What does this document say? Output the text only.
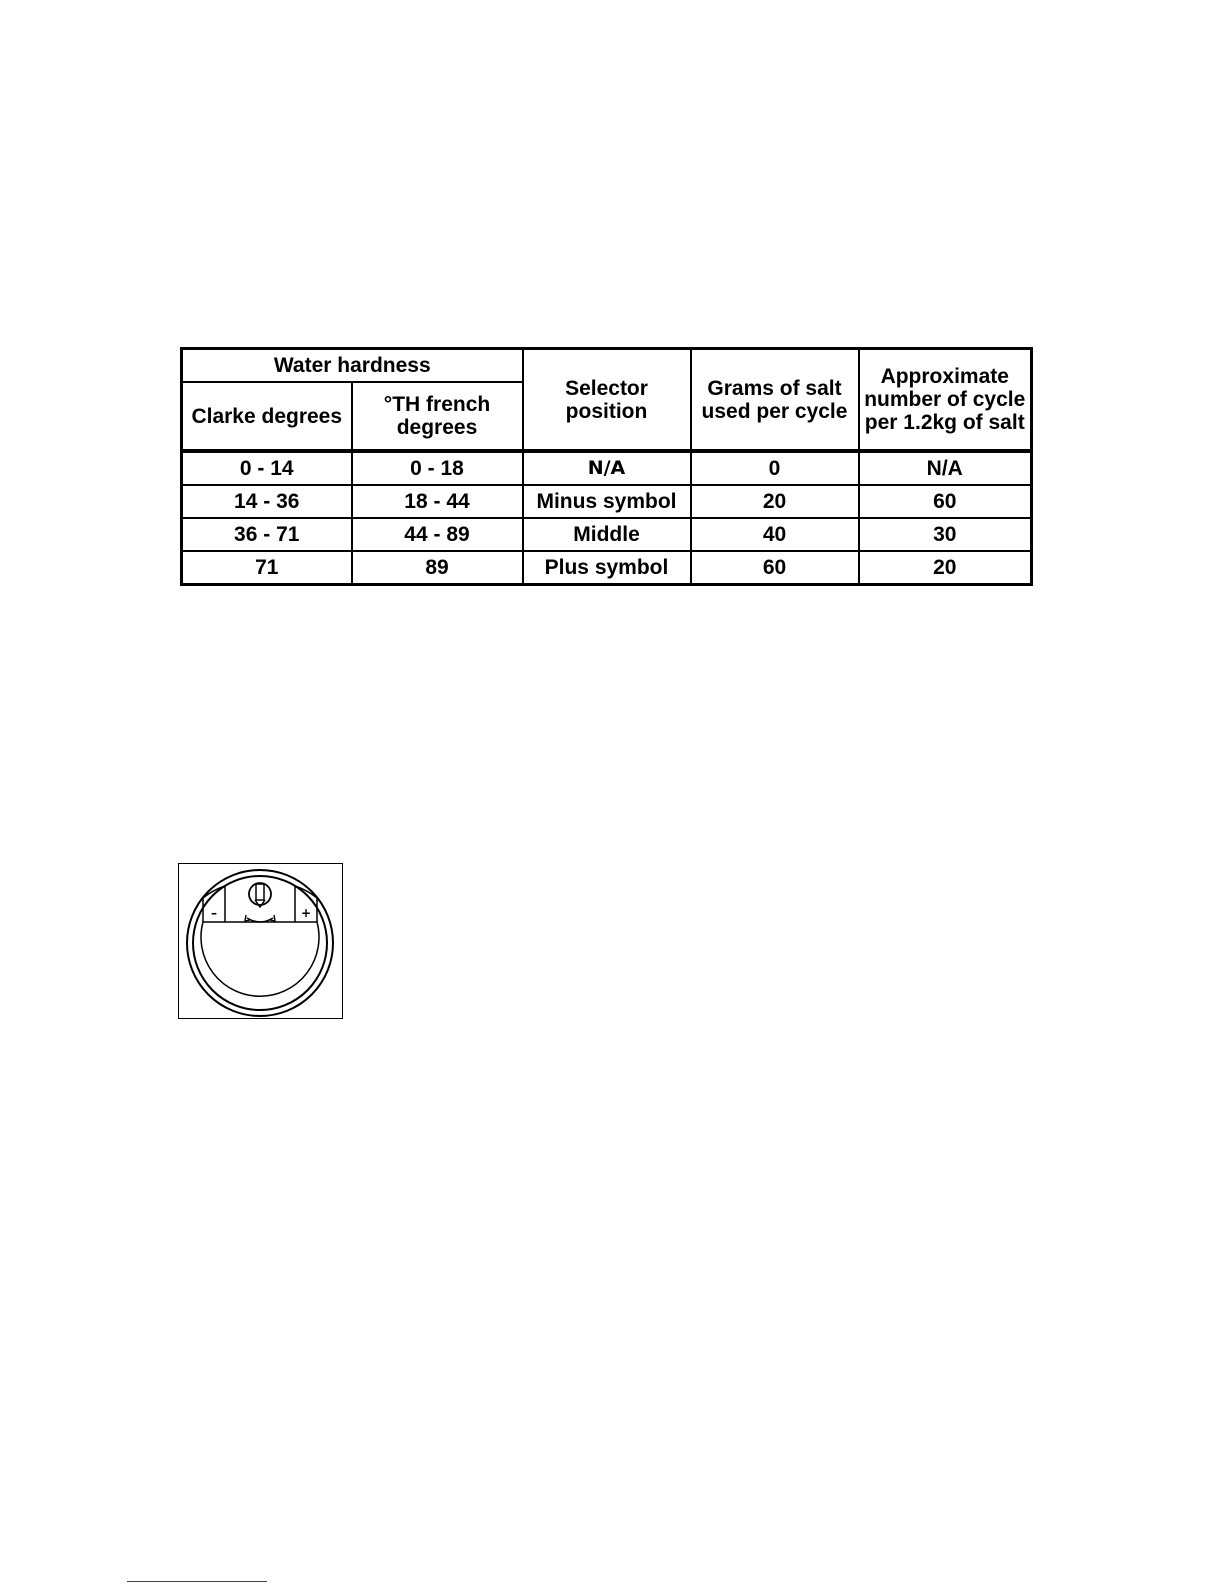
Water hardness		Selector position	Grams of salt used per cycle	Approximate number of cycle per 1.2kg of salt
Clarke degrees	°TH french degrees			
0 - 14	0 - 18	N/A	0	N/A
14 - 36	18 - 44	Minus symbol	20	60
36 - 71	44 - 89	Middle	40	30
71	89	Plus symbol	60	20
–	+
